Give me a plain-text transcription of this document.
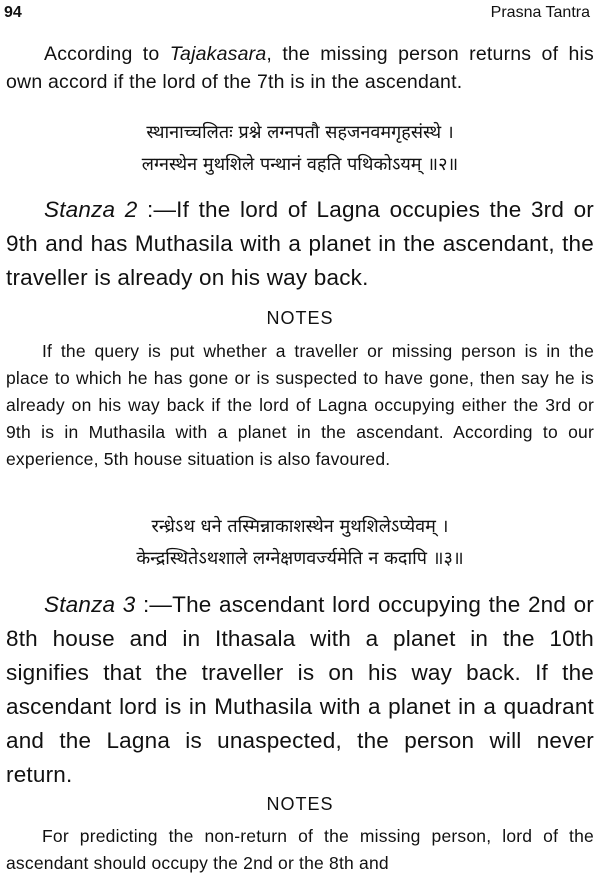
94	Prasna Tantra

According to Tajakasara, the missing person returns of his own accord if the lord of the 7th is in the ascendant.

स्थानाच्चलितः प्रश्ने लग्नपतौ सहजनवमगृहसंस्थे ।
लग्नस्थेन मुथशिले पन्थानं वहति पथिकोऽयम् ॥२॥

Stanza 2 :—If the lord of Lagna occupies the 3rd or 9th and has Muthasila with a planet in the ascendant, the traveller is already on his way back.

NOTES

If the query is put whether a traveller or missing person is in the place to which he has gone or is suspected to have gone, then say he is already on his way back if the lord of Lagna occupying either the 3rd or 9th is in Muthasila with a planet in the ascendant. According to our experience, 5th house situation is also favoured.

रन्ध्रेऽथ धने तस्मिन्नाकाशस्थेन मुथशिलेऽप्येवम् ।
केन्द्रस्थितेऽथशाले लग्नेक्षणवर्ज्यमेति न कदापि ॥३॥

Stanza 3 :—The ascendant lord occupying the 2nd or 8th house and in Ithasala with a planet in the 10th signifies that the traveller is on his way back. If the ascendant lord is in Muthasila with a planet in a quadrant and the Lagna is unaspected, the person will never return.

NOTES

For predicting the non-return of the missing person, lord of the ascendant should occupy the 2nd or the 8th and
